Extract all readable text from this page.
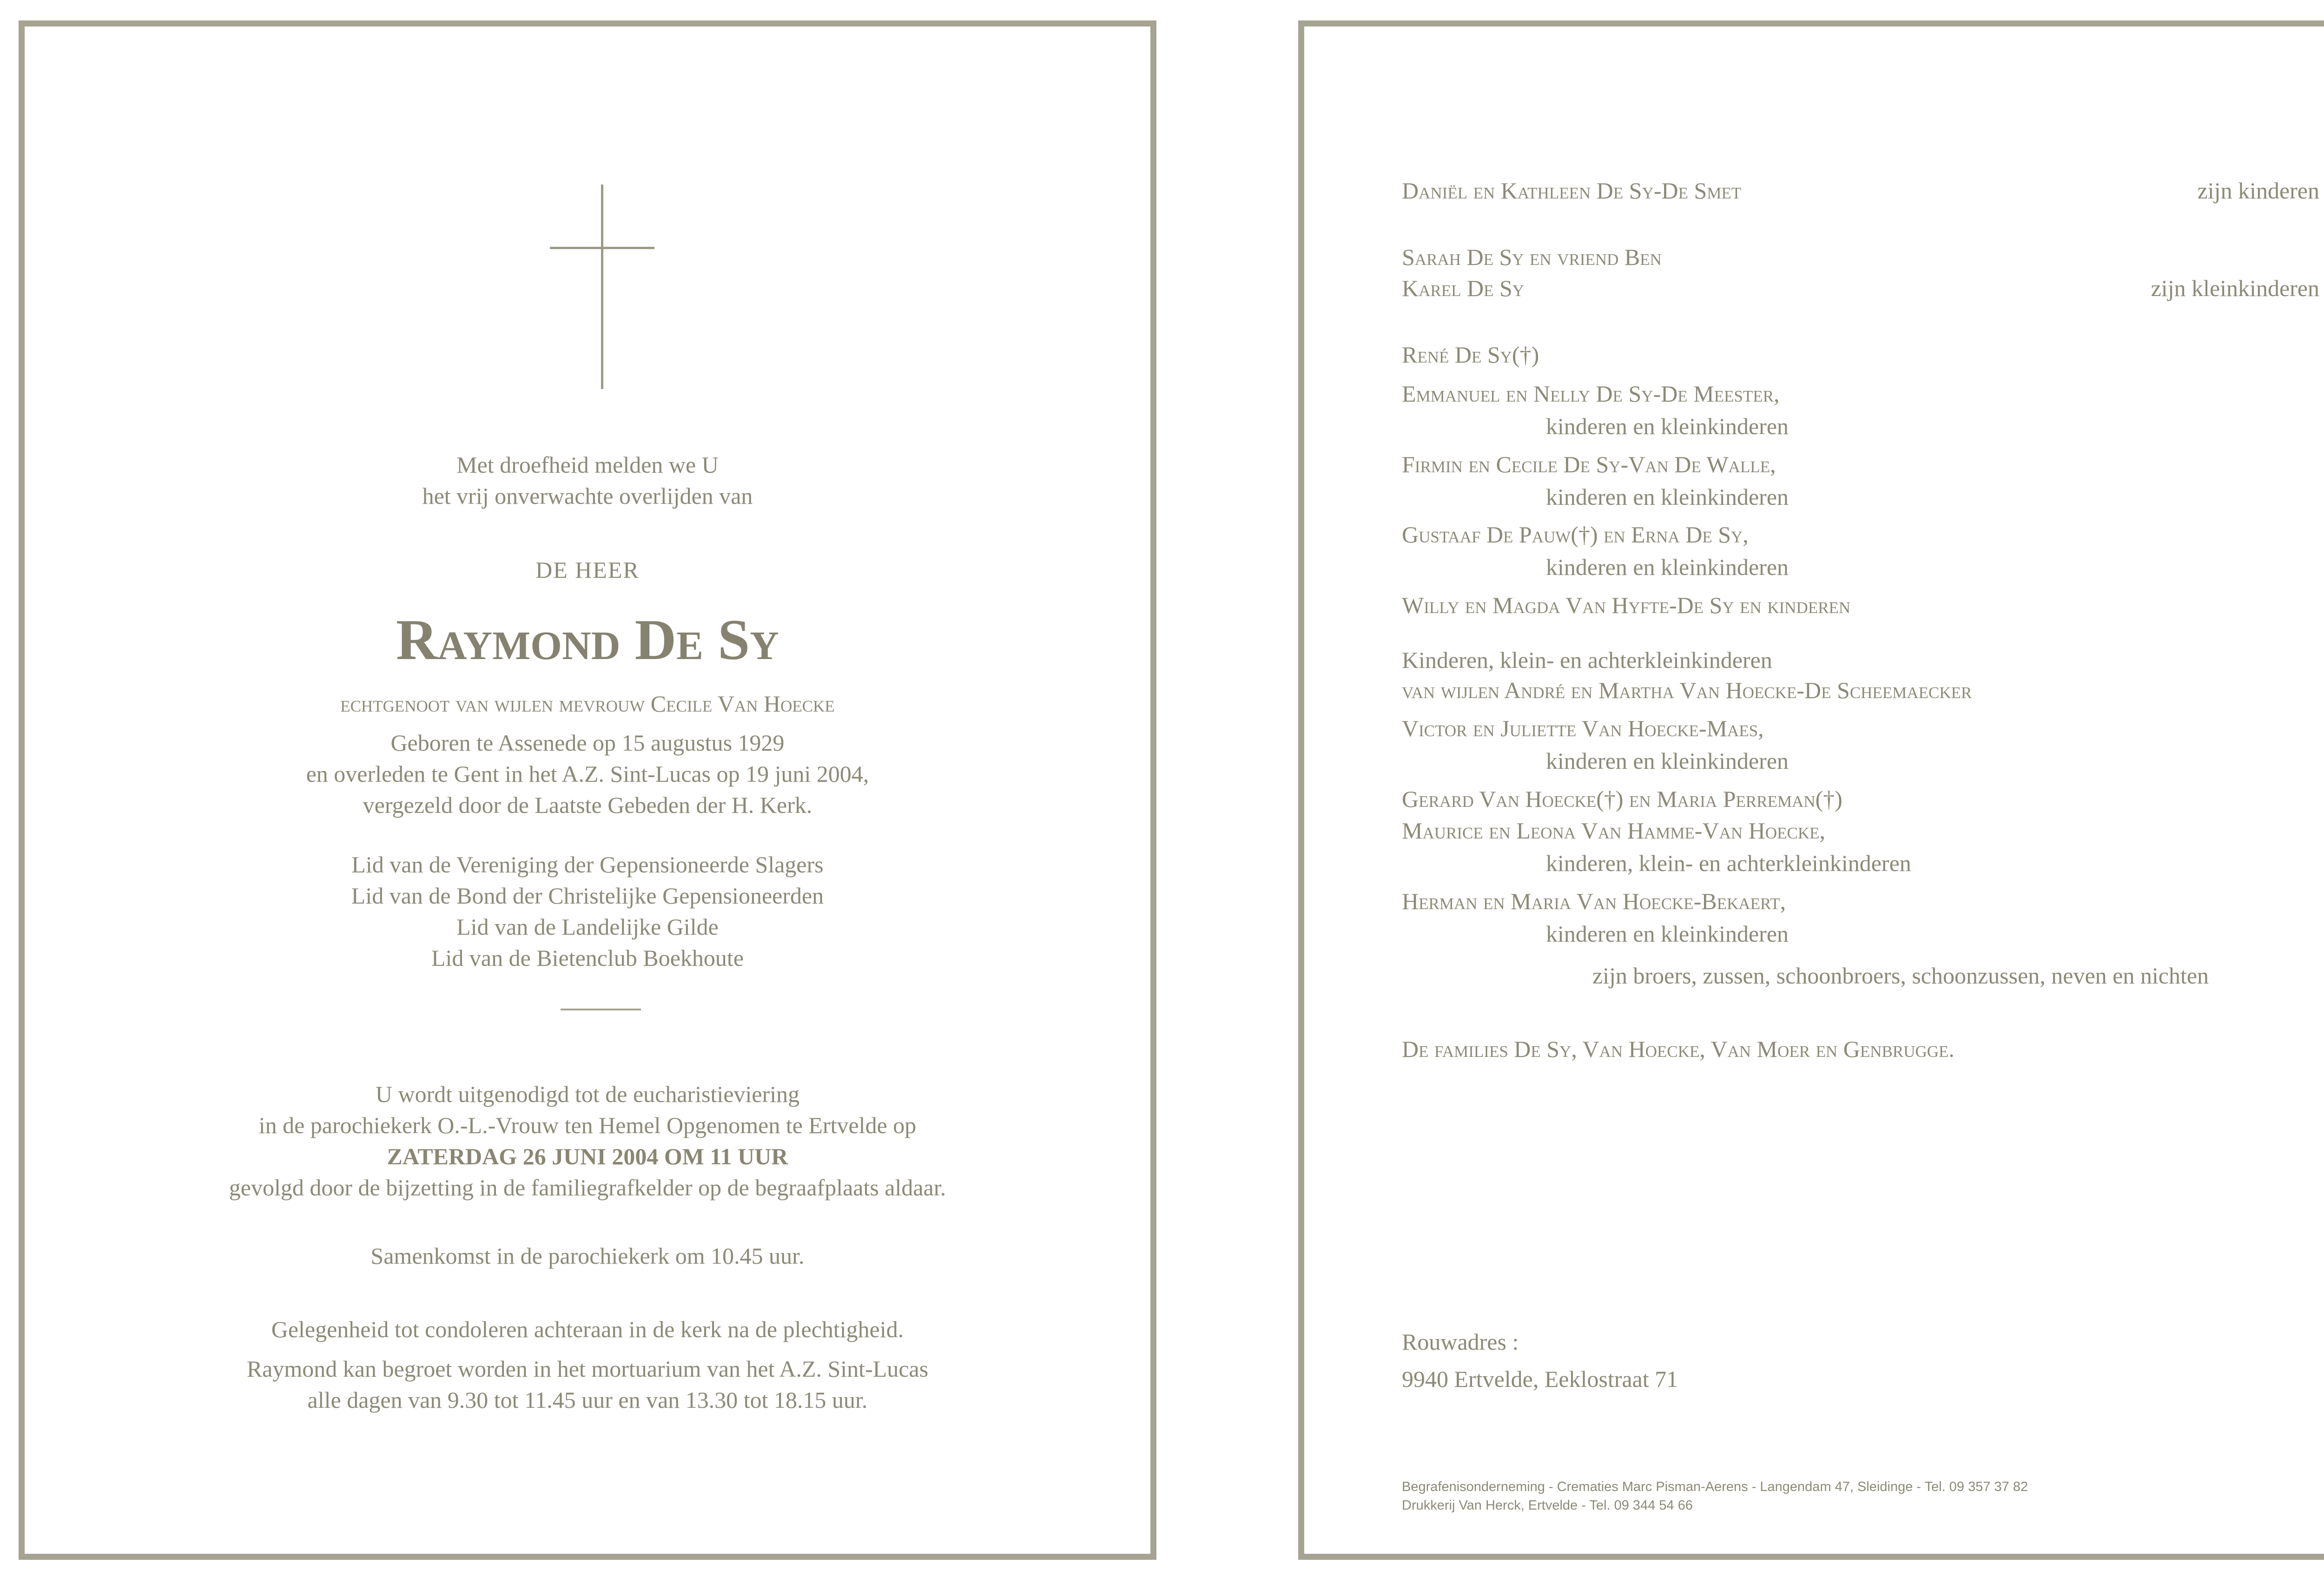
Met droefheid melden we U
het vrij onverwachte overlijden van
DE HEER
Raymond De Sy
echtgenoot van wijlen mevrouw Cecile Van Hoecke
Geboren te Assenede op 15 augustus 1929
en overleden te Gent in het A.Z. Sint-Lucas op 19 juni 2004,
vergezeld door de Laatste Gebeden der H. Kerk.
Lid van de Vereniging der Gepensioneerde Slagers
Lid van de Bond der Christelijke Gepensioneerden
Lid van de Landelijke Gilde
Lid van de Bietenclub Boekhoute
U wordt uitgenodigd tot de eucharistieviering
in de parochiekerk O.-L.-Vrouw ten Hemel Opgenomen te Ertvelde op
ZATERDAG 26 JUNI 2004 OM 11 UUR
gevolgd door de bijzetting in de familiegrafkelder op de begraafplaats aldaar.
Samenkomst in de parochiekerk om 10.45 uur.
Gelegenheid tot condoleren achteraan in de kerk na de plechtigheid.
Raymond kan begroet worden in het mortuarium van het A.Z. Sint-Lucas
alle dagen van 9.30 tot 11.45 uur en van 13.30 tot 18.15 uur.
Daniël en Kathleen De Sy-De Smet	zijn kinderen
Sarah De Sy en vriend Ben
Karel De Sy	zijn kleinkinderen
René De Sy(†)
Emmanuel en Nelly De Sy-De Meester,
kinderen en kleinkinderen
Firmin en Cecile De Sy-Van De Walle,
kinderen en kleinkinderen
Gustaaf De Pauw(†) en Erna De Sy,
kinderen en kleinkinderen
Willy en Magda Van Hyfte-De Sy en kinderen
Kinderen, klein- en achterkleinkinderen
van wijlen André en Martha Van Hoecke-De Scheemaecker
Victor en Juliette Van Hoecke-Maes,
kinderen en kleinkinderen
Gerard Van Hoecke(†) en Maria Perreman(†)
Maurice en Leona Van Hamme-Van Hoecke,
kinderen, klein- en achterkleinkinderen
Herman en Maria Van Hoecke-Bekaert,
kinderen en kleinkinderen
zijn broers, zussen, schoonbroers, schoonzussen, neven en nichten
De families De Sy, Van Hoecke, Van Moer en Genbrugge.
Rouwadres :
9940 Ertvelde, Eeklostraat 71
Begrafenisonderneming - Crematies Marc Pisman-Aerens - Langendam 47, Sleidinge - Tel. 09 357 37 82
Drukkerij Van Herck, Ertvelde - Tel. 09 344 54 66
